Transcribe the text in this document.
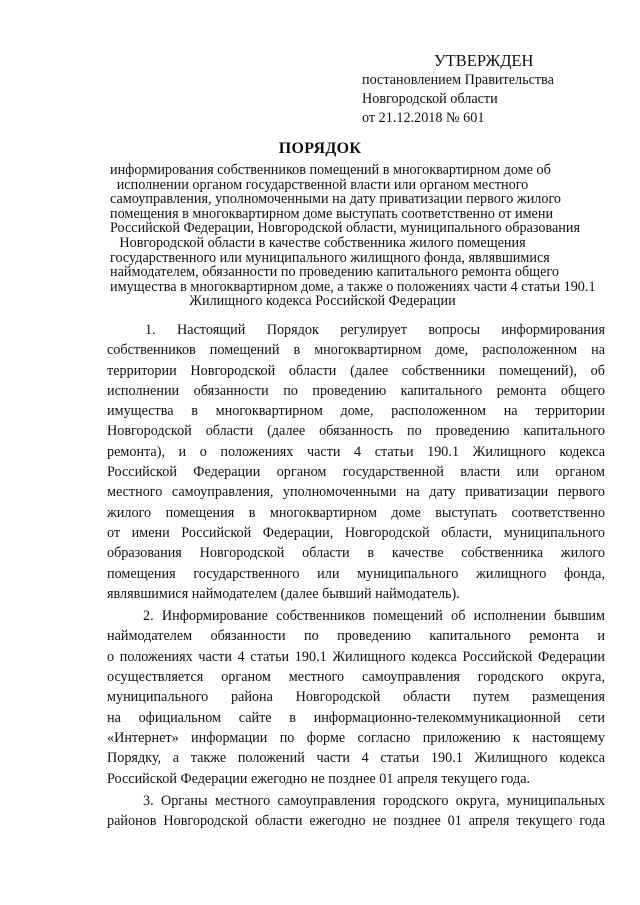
УТВЕРЖДЕН
постановлением Правительства
Новгородской области
от 21.12.2018 № 601
ПОРЯДОК
информирования собственников помещений в многоквартирном доме об
исполнении органом государственной власти или органом местного
самоуправления, уполномоченными на дату приватизации первого жилого
помещения в многоквартирном доме выступать соответственно от имени
Российской Федерации, Новгородской области, муниципального образования
Новгородской области в качестве собственника жилого помещения
государственного или муниципального жилищного фонда, являвшимися
наймодателем, обязанности по проведению капитального ремонта общего
имущества в многоквартирном доме, а также о положениях части 4 статьи 190.1
Жилищного кодекса Российской Федерации
1. Настоящий Порядок регулирует вопросы информирования
собственников помещений в многоквартирном доме, расположенном на
территории Новгородской области (далее собственники помещений), об
исполнении обязанности по проведению капитального ремонта общего
имущества в многоквартирном доме, расположенном на территории
Новгородской области (далее обязанность по проведению капитального
ремонта), и о положениях части 4 статьи 190.1 Жилищного кодекса
Российской Федерации органом государственной власти или органом
местного самоуправления, уполномоченными на дату приватизации первого
жилого помещения в многоквартирном доме выступать соответственно
от имени Российской Федерации, Новгородской области, муниципального
образования Новгородской области в качестве собственника жилого
помещения государственного или муниципального жилищного фонда,
являвшимися наймодателем (далее бывший наймодатель).
2. Информирование собственников помещений об исполнении бывшим
наймодателем обязанности по проведению капитального ремонта и
о положениях части 4 статьи 190.1 Жилищного кодекса Российской Федерации
осуществляется органом местного самоуправления городского округа,
муниципального района Новгородской области путем размещения
на официальном сайте в информационно-телекоммуникационной сети
«Интернет» информации по форме согласно приложению к настоящему
Порядку, а также положений части 4 статьи 190.1 Жилищного кодекса
Российской Федерации ежегодно не позднее 01 апреля текущего года.
3. Органы местного самоуправления городского округа, муниципальных
районов Новгородской области ежегодно не позднее 01 апреля текущего года
